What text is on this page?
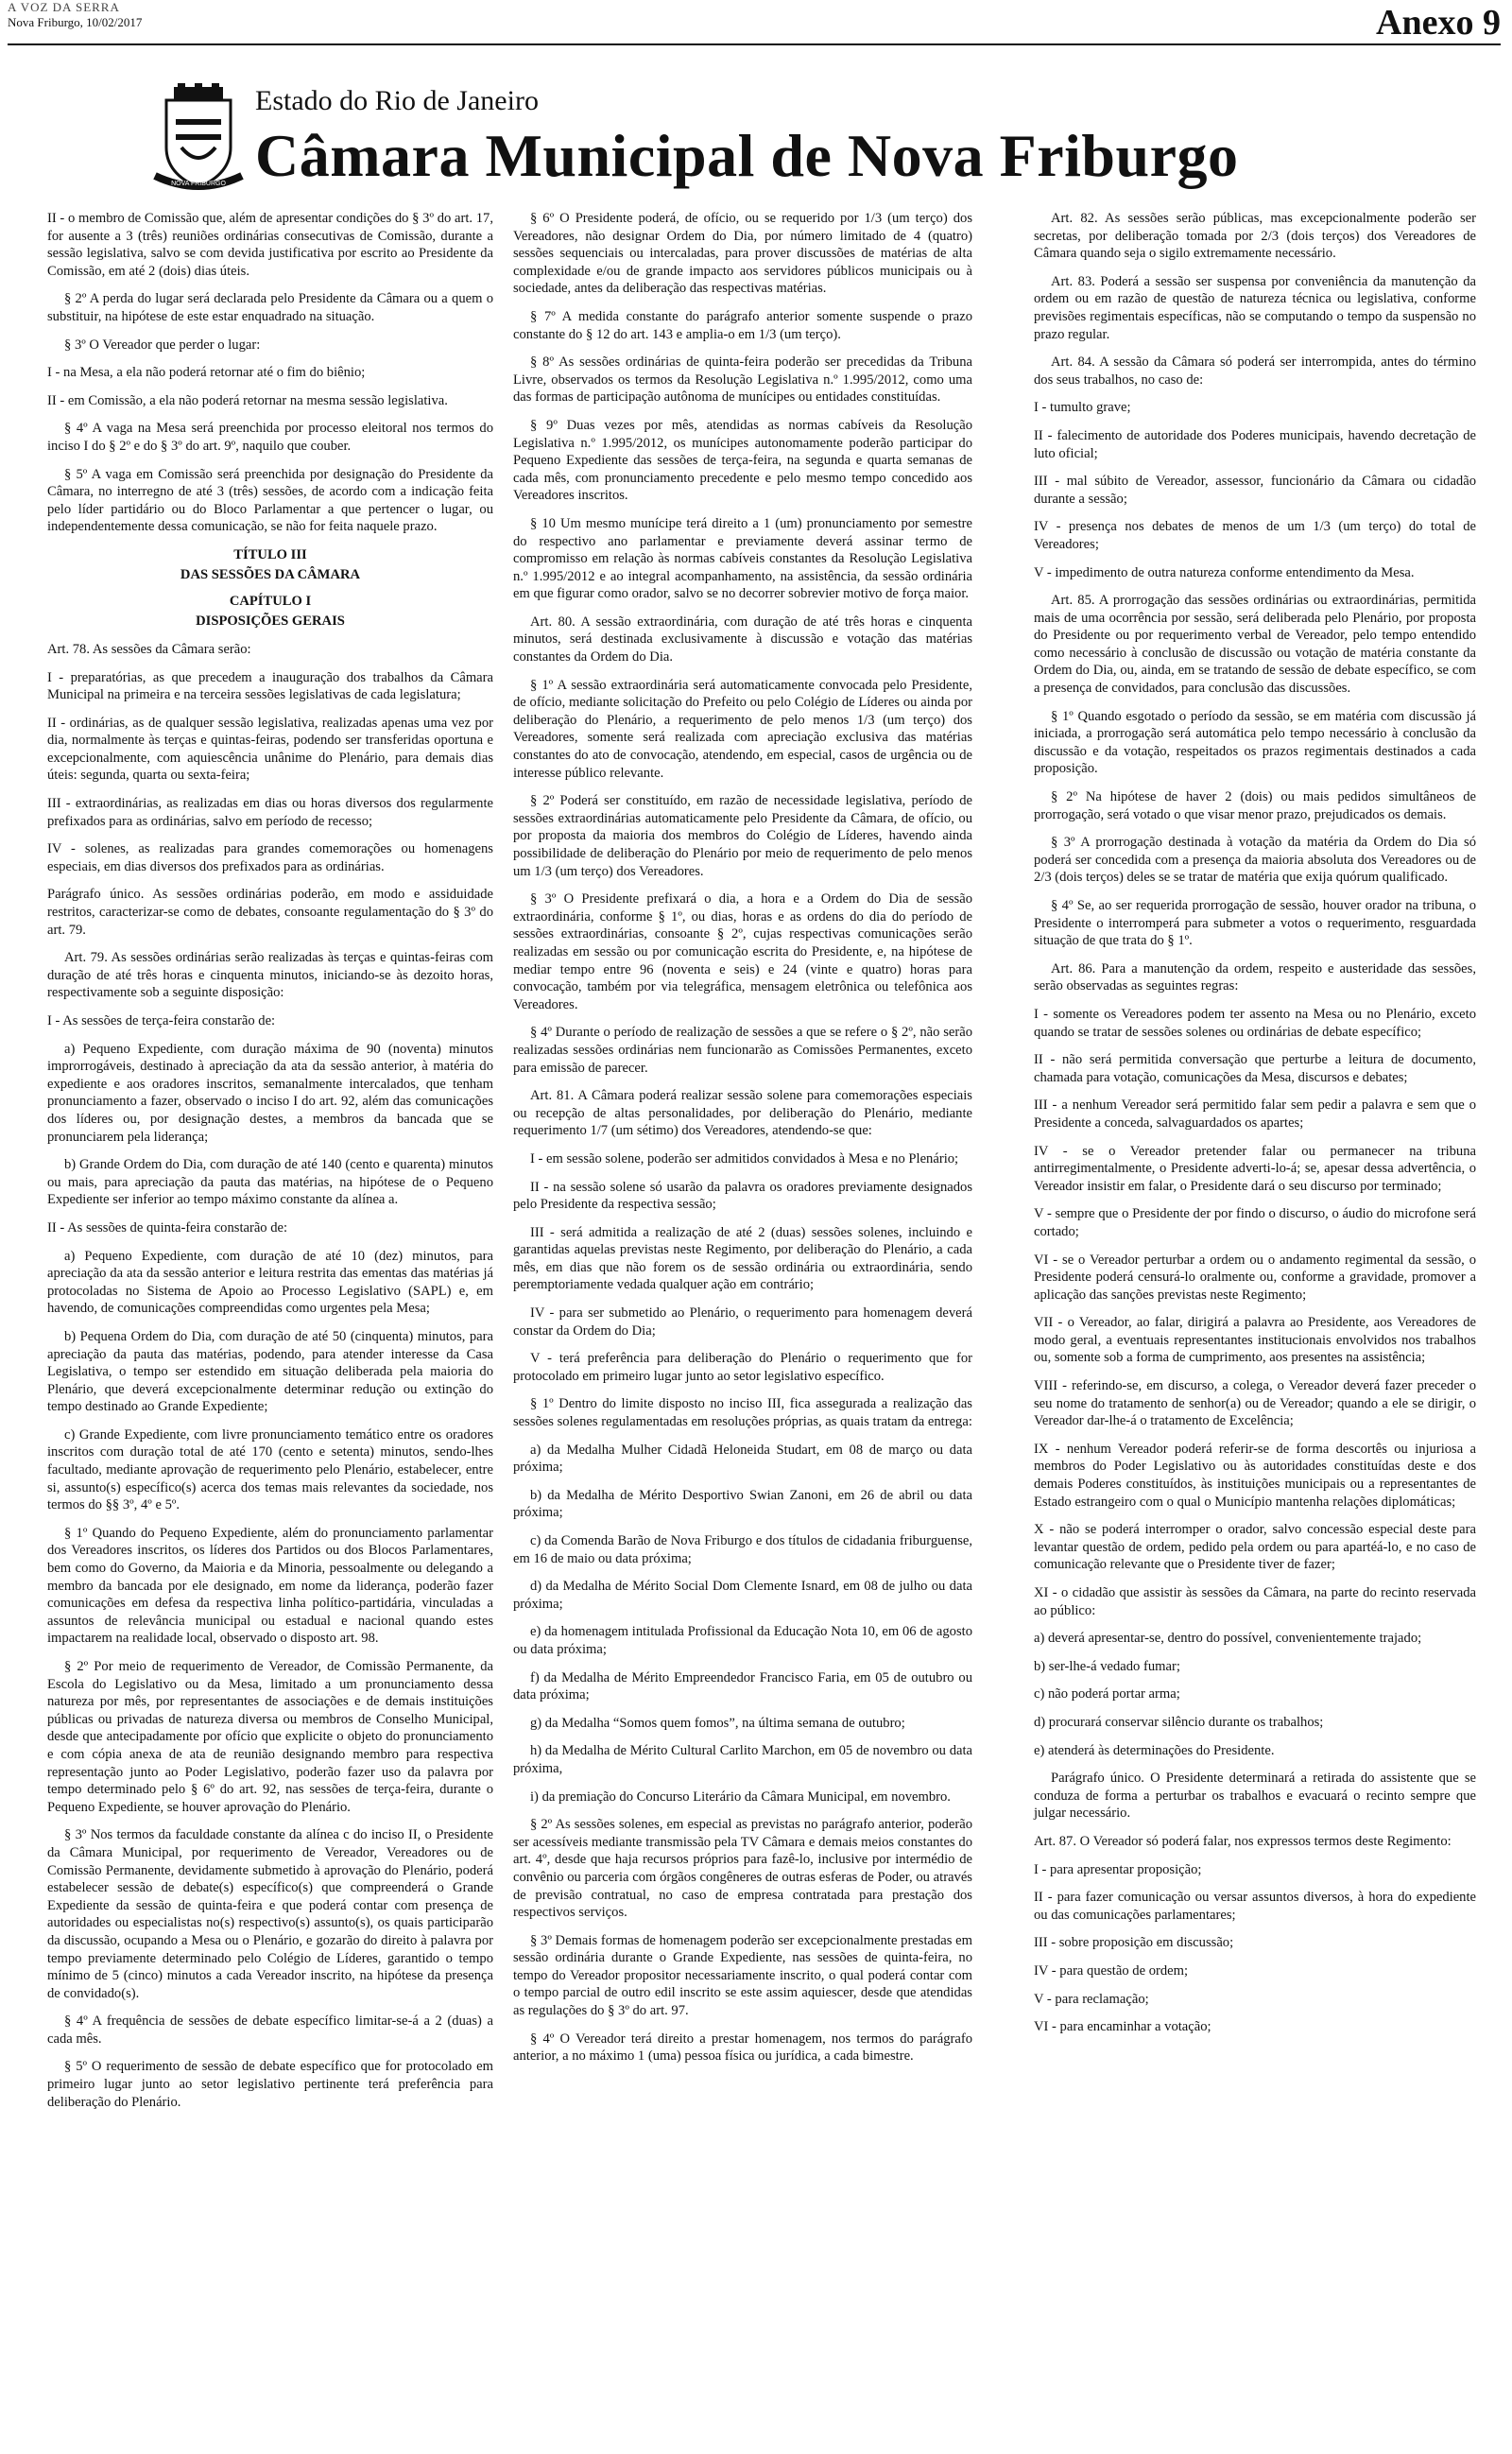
A VOZ DA SERRA
Nova Friburgo, 10/02/2017	Anexo 9
NOVA FRIBURGO
Estado do Rio de Janeiro
Câmara Municipal de Nova Friburgo

II - o membro de Comissão que, além de apresentar condições do § 3º do art. 17, for ausente a 3 (três) reuniões ordinárias consecutivas de Comissão, durante a sessão legislativa, salvo se com devida justificativa por escrito ao Presidente da Comissão, em até 2 (dois) dias úteis.

§ 2º A perda do lugar será declarada pelo Presidente da Câmara ou a quem o substituir, na hipótese de este estar enquadrado na situação.

§ 3º O Vereador que perder o lugar:

I - na Mesa, a ela não poderá retornar até o fim do biênio;

II - em Comissão, a ela não poderá retornar na mesma sessão legislativa.

§ 4º A vaga na Mesa será preenchida por processo eleitoral nos termos do inciso I do § 2º e do § 3º do art. 9º, naquilo que couber.

§ 5º A vaga em Comissão será preenchida por designação do Presidente da Câmara, no interregno de até 3 (três) sessões, de acordo com a indicação feita pelo líder partidário ou do Bloco Parlamentar a que pertencer o lugar, ou independentemente dessa comunicação, se não for feita naquele prazo.

TÍTULO III
DAS SESSÕES DA CÂMARA
CAPÍTULO I
DISPOSIÇÕES GERAIS

Art. 78. As sessões da Câmara serão:

I - preparatórias, as que precedem a inauguração dos trabalhos da Câmara Municipal na primeira e na terceira sessões legislativas de cada legislatura;

II - ordinárias, as de qualquer sessão legislativa, realizadas apenas uma vez por dia, normalmente às terças e quintas-feiras, podendo ser transferidas oportuna e excepcionalmente, com aquiescência unânime do Plenário, para demais dias úteis: segunda, quarta ou sexta-feira;

III - extraordinárias, as realizadas em dias ou horas diversos dos regularmente prefixados para as ordinárias, salvo em período de recesso;

IV - solenes, as realizadas para grandes comemorações ou homenagens especiais, em dias diversos dos prefixados para as ordinárias.

Parágrafo único. As sessões ordinárias poderão, em modo e assiduidade restritos, caracterizar-se como de debates, consoante regulamentação do § 3º do art. 79.

Art. 79. As sessões ordinárias serão realizadas às terças e quintas-feiras com duração de até três horas e cinquenta minutos, iniciando-se às dezoito horas, respectivamente sob a seguinte disposição:

I - As sessões de terça-feira constarão de:

a) Pequeno Expediente, com duração máxima de 90 (noventa) minutos improrrogáveis, destinado à apreciação da ata da sessão anterior, à matéria do expediente e aos oradores inscritos, semanalmente intercalados, que tenham pronunciamento a fazer, observado o inciso I do art. 92, além das comunicações dos líderes ou, por designação destes, a membros da bancada que se pronunciarem pela liderança;

b) Grande Ordem do Dia, com duração de até 140 (cento e quarenta) minutos ou mais, para apreciação da pauta das matérias, na hipótese de o Pequeno Expediente ser inferior ao tempo máximo constante da alínea a.

II - As sessões de quinta-feira constarão de:

a) Pequeno Expediente, com duração de até 10 (dez) minutos, para apreciação da ata da sessão anterior e leitura restrita das ementas das matérias já protocoladas no Sistema de Apoio ao Processo Legislativo (SAPL) e, em havendo, de comunicações compreendidas como urgentes pela Mesa;

b) Pequena Ordem do Dia, com duração de até 50 (cinquenta) minutos, para apreciação da pauta das matérias, podendo, para atender interesse da Casa Legislativa, o tempo ser estendido em situação deliberada pela maioria do Plenário, que deverá excepcionalmente determinar redução ou extinção do tempo destinado ao Grande Expediente;

c) Grande Expediente, com livre pronunciamento temático entre os oradores inscritos com duração total de até 170 (cento e setenta) minutos, sendo-lhes facultado, mediante aprovação de requerimento pelo Plenário, estabelecer, entre si, assunto(s) específico(s) acerca dos temas mais relevantes da sociedade, nos termos do §§ 3º, 4º e 5º.

§ 1º Quando do Pequeno Expediente, além do pronunciamento parlamentar dos Vereadores inscritos, os líderes dos Partidos ou dos Blocos Parlamentares, bem como do Governo, da Maioria e da Minoria, pessoalmente ou delegando a membro da bancada por ele designado, em nome da liderança, poderão fazer comunicações em defesa da respectiva linha político-partidária, vinculadas a assuntos de relevância municipal ou estadual e nacional quando estes impactarem na realidade local, observado o disposto art. 98.

§ 2º Por meio de requerimento de Vereador, de Comissão Permanente, da Escola do Legislativo ou da Mesa, limitado a um pronunciamento dessa natureza por mês, por representantes de associações e de demais instituições públicas ou privadas de natureza diversa ou membros de Conselho Municipal, desde que antecipadamente por ofício que explicite o objeto do pronunciamento e com cópia anexa de ata de reunião designando membro para respectiva representação junto ao Poder Legislativo, poderão fazer uso da palavra por tempo determinado pelo § 6º do art. 92, nas sessões de terça-feira, durante o Pequeno Expediente, se houver aprovação do Plenário.

§ 3º Nos termos da faculdade constante da alínea c do inciso II, o Presidente da Câmara Municipal, por requerimento de Vereador, Vereadores ou de Comissão Permanente, devidamente submetido à aprovação do Plenário, poderá estabelecer sessão de debate(s) específico(s) que compreenderá o Grande Expediente da sessão de quinta-feira e que poderá contar com presença de autoridades ou especialistas no(s) respectivo(s) assunto(s), os quais participarão da discussão, ocupando a Mesa ou o Plenário, e gozarão do direito à palavra por tempo previamente determinado pelo Colégio de Líderes, garantido o tempo mínimo de 5 (cinco) minutos a cada Vereador inscrito, na hipótese da presença de convidado(s).

§ 4º A frequência de sessões de debate específico limitar-se-á a 2 (duas) a cada mês.

§ 5º O requerimento de sessão de debate específico que for protocolado em primeiro lugar junto ao setor legislativo pertinente terá preferência para deliberação do Plenário.

§ 6º O Presidente poderá, de ofício, ou se requerido por 1/3 (um terço) dos Vereadores, não designar Ordem do Dia, por número limitado de 4 (quatro) sessões sequenciais ou intercaladas, para prover discussões de matérias de alta complexidade e/ou de grande impacto aos servidores públicos municipais ou à sociedade, antes da deliberação das respectivas matérias.

§ 7º A medida constante do parágrafo anterior somente suspende o prazo constante do § 12 do art. 143 e amplia-o em 1/3 (um terço).

§ 8º As sessões ordinárias de quinta-feira poderão ser precedidas da Tribuna Livre, observados os termos da Resolução Legislativa n.º 1.995/2012, como uma das formas de participação autônoma de munícipes ou entidades constituídas.

§ 9º Duas vezes por mês, atendidas as normas cabíveis da Resolução Legislativa n.º 1.995/2012, os munícipes autonomamente poderão participar do Pequeno Expediente das sessões de terça-feira, na segunda e quarta semanas de cada mês, com pronunciamento precedente e pelo mesmo tempo concedido aos Vereadores inscritos.

§ 10 Um mesmo munícipe terá direito a 1 (um) pronunciamento por semestre do respectivo ano parlamentar e previamente deverá assinar termo de compromisso em relação às normas cabíveis constantes da Resolução Legislativa n.º 1.995/2012 e ao integral acompanhamento, na assistência, da sessão ordinária em que figurar como orador, salvo se no decorrer sobrevier motivo de força maior.

Art. 80. A sessão extraordinária, com duração de até três horas e cinquenta minutos, será destinada exclusivamente à discussão e votação das matérias constantes da Ordem do Dia.

§ 1º A sessão extraordinária será automaticamente convocada pelo Presidente, de ofício, mediante solicitação do Prefeito ou pelo Colégio de Líderes ou ainda por deliberação do Plenário, a requerimento de pelo menos 1/3 (um terço) dos Vereadores, somente será realizada com apreciação exclusiva das matérias constantes do ato de convocação, atendendo, em especial, casos de urgência ou de interesse público relevante.

§ 2º Poderá ser constituído, em razão de necessidade legislativa, período de sessões extraordinárias automaticamente pelo Presidente da Câmara, de ofício, ou por proposta da maioria dos membros do Colégio de Líderes, havendo ainda possibilidade de deliberação do Plenário por meio de requerimento de pelo menos um 1/3 (um terço) dos Vereadores.

§ 3º O Presidente prefixará o dia, a hora e a Ordem do Dia de sessão extraordinária, conforme § 1º, ou dias, horas e as ordens do dia do período de sessões extraordinárias, consoante § 2º, cujas respectivas comunicações serão realizadas em sessão ou por comunicação escrita do Presidente, e, na hipótese de mediar tempo entre 96 (noventa e seis) e 24 (vinte e quatro) horas para convocação, também por via telegráfica, mensagem eletrônica ou telefônica aos Vereadores.

§ 4º Durante o período de realização de sessões a que se refere o § 2º, não serão realizadas sessões ordinárias nem funcionarão as Comissões Permanentes, exceto para emissão de parecer.

Art. 81. A Câmara poderá realizar sessão solene para comemorações especiais ou recepção de altas personalidades, por deliberação do Plenário, mediante requerimento 1/7 (um sétimo) dos Vereadores, atendendo-se que:

I - em sessão solene, poderão ser admitidos convidados à Mesa e no Plenário;

II - na sessão solene só usarão da palavra os oradores previamente designados pelo Presidente da respectiva sessão;

III - será admitida a realização de até 2 (duas) sessões solenes, incluindo e garantidas aquelas previstas neste Regimento, por deliberação do Plenário, a cada mês, em dias que não forem os de sessão ordinária ou extraordinária, sendo peremptoriamente vedada qualquer ação em contrário;

IV - para ser submetido ao Plenário, o requerimento para homenagem deverá constar da Ordem do Dia;

V - terá preferência para deliberação do Plenário o requerimento que for protocolado em primeiro lugar junto ao setor legislativo específico.

§ 1º Dentro do limite disposto no inciso III, fica assegurada a realização das sessões solenes regulamentadas em resoluções próprias, as quais tratam da entrega:

a) da Medalha Mulher Cidadã Heloneida Studart, em 08 de março ou data próxima;

b) da Medalha de Mérito Desportivo Swian Zanoni, em 26 de abril ou data próxima;

c) da Comenda Barão de Nova Friburgo e dos títulos de cidadania friburguense, em 16 de maio ou data próxima;

d) da Medalha de Mérito Social Dom Clemente Isnard, em 08 de julho ou data próxima;

e) da homenagem intitulada Profissional da Educação Nota 10, em 06 de agosto ou data próxima;

f) da Medalha de Mérito Empreendedor Francisco Faria, em 05 de outubro ou data próxima;

g) da Medalha “Somos quem fomos”, na última semana de outubro;

h) da Medalha de Mérito Cultural Carlito Marchon, em 05 de novembro ou data próxima,

i) da premiação do Concurso Literário da Câmara Municipal, em novembro.

§ 2º As sessões solenes, em especial as previstas no parágrafo anterior, poderão ser acessíveis mediante transmissão pela TV Câmara e demais meios constantes do art. 4º, desde que haja recursos próprios para fazê-lo, inclusive por intermédio de convênio ou parceria com órgãos congêneres de outras esferas de Poder, ou através de previsão contratual, no caso de empresa contratada para prestação dos respectivos serviços.

§ 3º Demais formas de homenagem poderão ser excepcionalmente prestadas em sessão ordinária durante o Grande Expediente, nas sessões de quinta-feira, no tempo do Vereador propositor necessariamente inscrito, o qual poderá contar com o tempo parcial de outro edil inscrito se este assim aquiescer, desde que atendidas as regulações do § 3º do art. 97.

§ 4º O Vereador terá direito a prestar homenagem, nos termos do parágrafo anterior, a no máximo 1 (uma) pessoa física ou jurídica, a cada bimestre.

Art. 82. As sessões serão públicas, mas excepcionalmente poderão ser secretas, por deliberação tomada por 2/3 (dois terços) dos Vereadores de Câmara quando seja o sigilo extremamente necessário.

Art. 83. Poderá a sessão ser suspensa por conveniência da manutenção da ordem ou em razão de questão de natureza técnica ou legislativa, conforme previsões regimentais específicas, não se computando o tempo da suspensão no prazo regular.

Art. 84. A sessão da Câmara só poderá ser interrompida, antes do término dos seus trabalhos, no caso de:

I - tumulto grave;

II - falecimento de autoridade dos Poderes municipais, havendo decretação de luto oficial;

III - mal súbito de Vereador, assessor, funcionário da Câmara ou cidadão durante a sessão;

IV - presença nos debates de menos de um 1/3 (um terço) do total de Vereadores;

V - impedimento de outra natureza conforme entendimento da Mesa.

Art. 85. A prorrogação das sessões ordinárias ou extraordinárias, permitida mais de uma ocorrência por sessão, será deliberada pelo Plenário, por proposta do Presidente ou por requerimento verbal de Vereador, pelo tempo entendido como necessário à conclusão de discussão ou votação de matéria constante da Ordem do Dia, ou, ainda, em se tratando de sessão de debate específico, se com a presença de convidados, para conclusão das discussões.

§ 1º Quando esgotado o período da sessão, se em matéria com discussão já iniciada, a prorrogação será automática pelo tempo necessário à conclusão da discussão e da votação, respeitados os prazos regimentais destinados a cada proposição.

§ 2º Na hipótese de haver 2 (dois) ou mais pedidos simultâneos de prorrogação, será votado o que visar menor prazo, prejudicados os demais.

§ 3º A prorrogação destinada à votação da matéria da Ordem do Dia só poderá ser concedida com a presença da maioria absoluta dos Vereadores ou de 2/3 (dois terços) deles se se tratar de matéria que exija quórum qualificado.

§ 4º Se, ao ser requerida prorrogação de sessão, houver orador na tribuna, o Presidente o interromperá para submeter a votos o requerimento, resguardada situação de que trata do § 1º.

Art. 86. Para a manutenção da ordem, respeito e austeridade das sessões, serão observadas as seguintes regras:

I - somente os Vereadores podem ter assento na Mesa ou no Plenário, exceto quando se tratar de sessões solenes ou ordinárias de debate específico;

II - não será permitida conversação que perturbe a leitura de documento, chamada para votação, comunicações da Mesa, discursos e debates;

III - a nenhum Vereador será permitido falar sem pedir a palavra e sem que o Presidente a conceda, salvaguardados os apartes;

IV - se o Vereador pretender falar ou permanecer na tribuna antirregimentalmente, o Presidente adverti-lo-á; se, apesar dessa advertência, o Vereador insistir em falar, o Presidente dará o seu discurso por terminado;

V - sempre que o Presidente der por findo o discurso, o áudio do microfone será cortado;

VI - se o Vereador perturbar a ordem ou o andamento regimental da sessão, o Presidente poderá censurá-lo oralmente ou, conforme a gravidade, promover a aplicação das sanções previstas neste Regimento;

VII - o Vereador, ao falar, dirigirá a palavra ao Presidente, aos Vereadores de modo geral, a eventuais representantes institucionais envolvidos nos trabalhos ou, somente sob a forma de cumprimento, aos presentes na assistência;

VIII - referindo-se, em discurso, a colega, o Vereador deverá fazer preceder o seu nome do tratamento de senhor(a) ou de Vereador; quando a ele se dirigir, o Vereador dar-lhe-á o tratamento de Excelência;

IX - nenhum Vereador poderá referir-se de forma descortês ou injuriosa a membros do Poder Legislativo ou às autoridades constituídas deste e dos demais Poderes constituídos, às instituições municipais ou a representantes de Estado estrangeiro com o qual o Município mantenha relações diplomáticas;

X - não se poderá interromper o orador, salvo concessão especial deste para levantar questão de ordem, pedido pela ordem ou para apartéá-lo, e no caso de comunicação relevante que o Presidente tiver de fazer;

XI - o cidadão que assistir às sessões da Câmara, na parte do recinto reservada ao público:

a) deverá apresentar-se, dentro do possível, convenientemente trajado;

b) ser-lhe-á vedado fumar;

c) não poderá portar arma;

d) procurará conservar silêncio durante os trabalhos;

e) atenderá às determinações do Presidente.

Parágrafo único. O Presidente determinará a retirada do assistente que se conduza de forma a perturbar os trabalhos e evacuará o recinto sempre que julgar necessário.

Art. 87. O Vereador só poderá falar, nos expressos termos deste Regimento:

I - para apresentar proposição;

II - para fazer comunicação ou versar assuntos diversos, à hora do expediente ou das comunicações parlamentares;

III - sobre proposição em discussão;

IV - para questão de ordem;

V - para reclamação;

VI - para encaminhar a votação;
